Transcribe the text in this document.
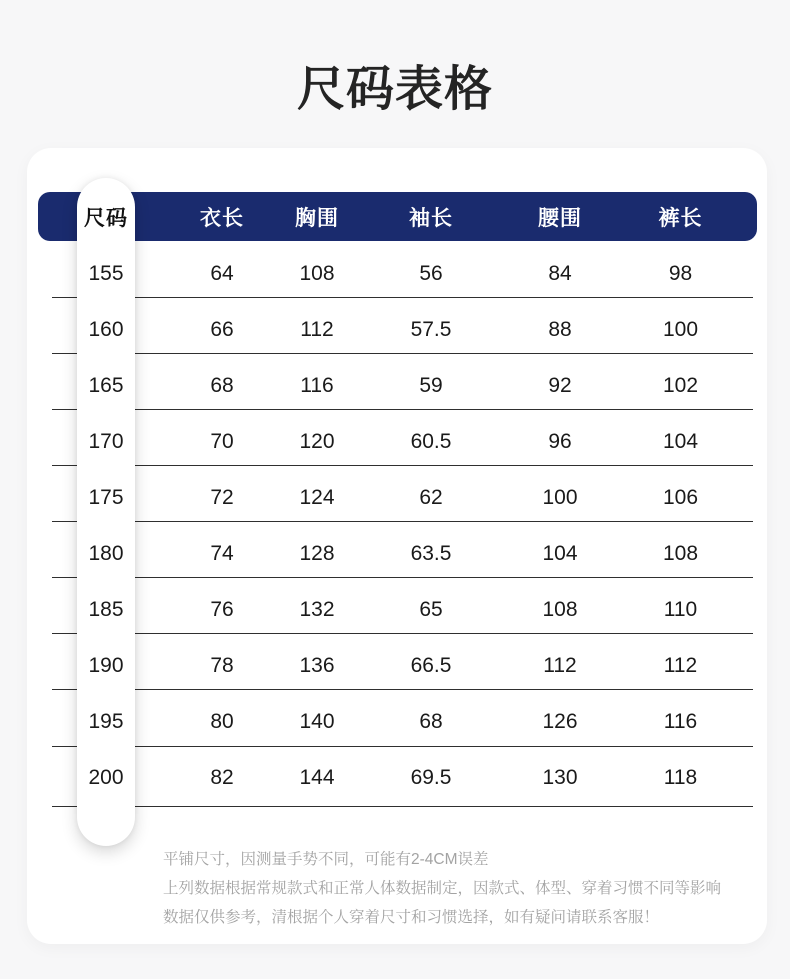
尺码表格
尺码	衣长	胸围	袖长	腰围	裤长
155	64	108	56	84	98
160	66	112	57.5	88	100
165	68	116	59	92	102
170	70	120	60.5	96	104
175	72	124	62	100	106
180	74	128	63.5	104	108
185	76	132	65	108	110
190	78	136	66.5	112	112
195	80	140	68	126	116
200	82	144	69.5	130	118

平铺尺寸，因测量手势不同，可能有2-4CM误差

上列数据根据常规款式和正常人体数据制定，因款式、体型、穿着习惯不同等影响

数据仅供参考，清根据个人穿着尺寸和习惯选择，如有疑问请联系客服！
